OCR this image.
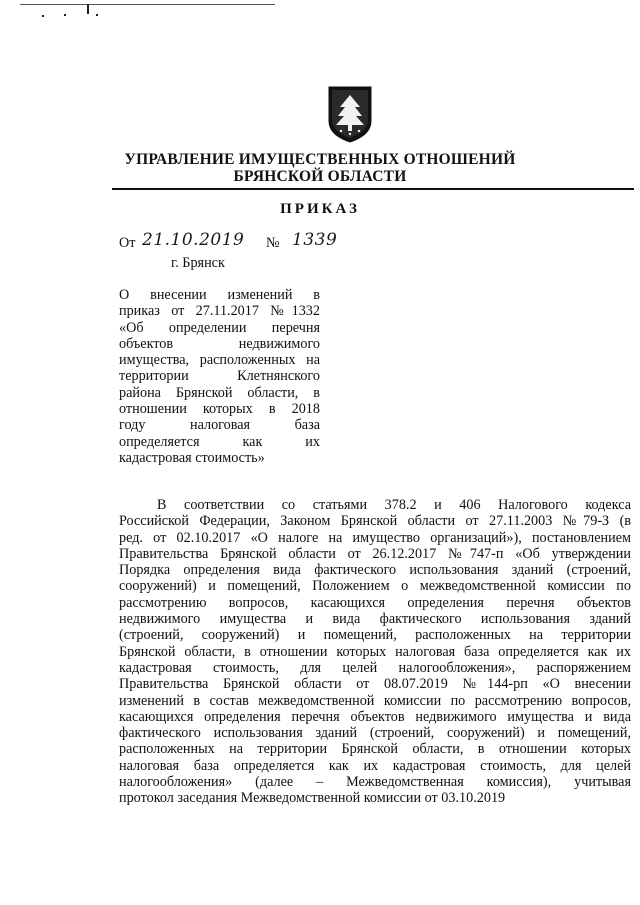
УПРАВЛЕНИЕ ИМУЩЕСТВЕННЫХ ОТНОШЕНИЙ
БРЯНСКОЙ ОБЛАСТИ
ПРИКАЗ
От 21.10.2019 № 1339
г. Брянск
О внесении изменений в
приказ от 27.11.2017 №1332
«Об определении перечня
объектов недвижимого
имущества, расположенных на
территории Клетнянского
района Брянской области, в
отношении которых в 2018
году налоговая база
определяется как их
кадастровая стоимость»
В соответствии со статьями 378.2 и 406 Налогового кодекса
Российской Федерации, Законом Брянской области от 27.11.2003 №79-З (в
ред. от 02.10.2017 «О налоге на имущество организаций»), постановлением
Правительства Брянской области от 26.12.2017 №747-п «Об утверждении
Порядка определения вида фактического использования зданий (строений,
сооружений) и помещений, Положением о межведомственной комиссии по
рассмотрению вопросов, касающихся определения перечня объектов
недвижимого имущества и вида фактического использования зданий
(строений, сооружений) и помещений, расположенных на территории
Брянской области, в отношении которых налоговая база определяется как их
кадастровая стоимость, для целей налогообложения», распоряжением
Правительства Брянской области от 08.07.2019 №144-рп «О внесении
изменений в состав межведомственной комиссии по рассмотрению вопросов,
касающихся определения перечня объектов недвижимого имущества и вида
фактического использования зданий (строений, сооружений) и помещений,
расположенных на территории Брянской области, в отношении которых
налоговая база определяется как их кадастровая стоимость, для целей
налогообложения» (далее – Межведомственная комиссия), учитывая
протокол заседания Межведомственной комиссии от 03.10.2019
